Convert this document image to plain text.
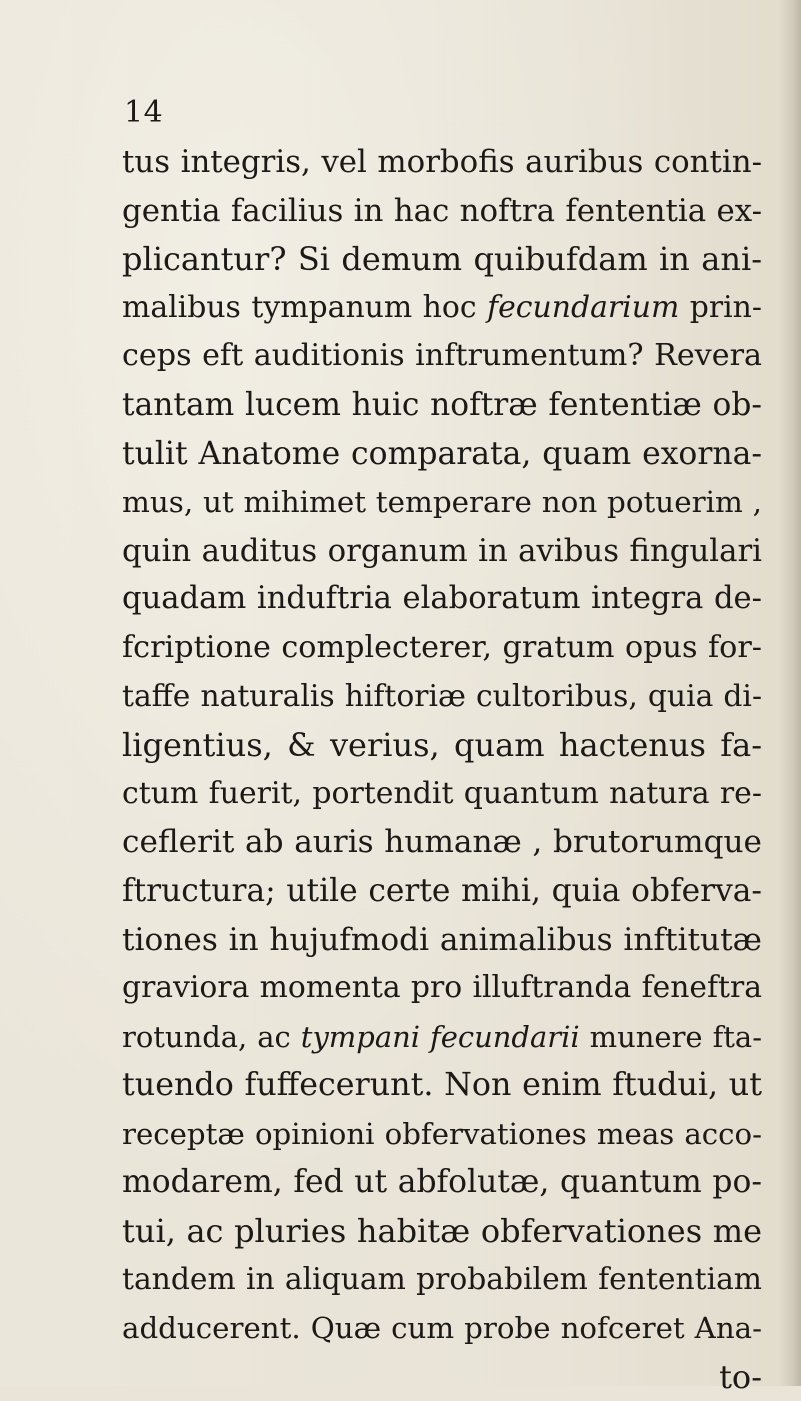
14
tus integris, vel morbofis auribus contin-
gentia facilius in hac noftra fententia ex-
plicantur? Si demum quibufdam in ani-
malibus tympanum hoc fecundarium prin-
ceps eft auditionis inftrumentum? Revera
tantam lucem huic noftræ fententiæ ob-
tulit Anatome comparata, quam exorna-
mus, ut mihimet temperare non potuerim ,
quin auditus organum in avibus fingulari
quadam induftria elaboratum integra de-
fcriptione complecterer, gratum opus for-
taffe naturalis hiftoriæ cultoribus, quia di-
ligentius, & verius, quam hactenus fa-
ctum fuerit, portendit quantum natura re-
ceflerit ab auris humanæ , brutorumque
ftructura; utile certe mihi, quia obferva-
tiones in hujufmodi animalibus inftitutæ
graviora momenta pro illuftranda feneftra
rotunda, ac tympani fecundarii munere fta-
tuendo fuffecerunt. Non enim ftudui, ut
receptæ opinioni obfervationes meas acco-
modarem, fed ut abfolutæ, quantum po-
tui, ac pluries habitæ obfervationes me
tandem in aliquam probabilem fententiam
adducerent. Quæ cum probe nofceret Ana-
to-
